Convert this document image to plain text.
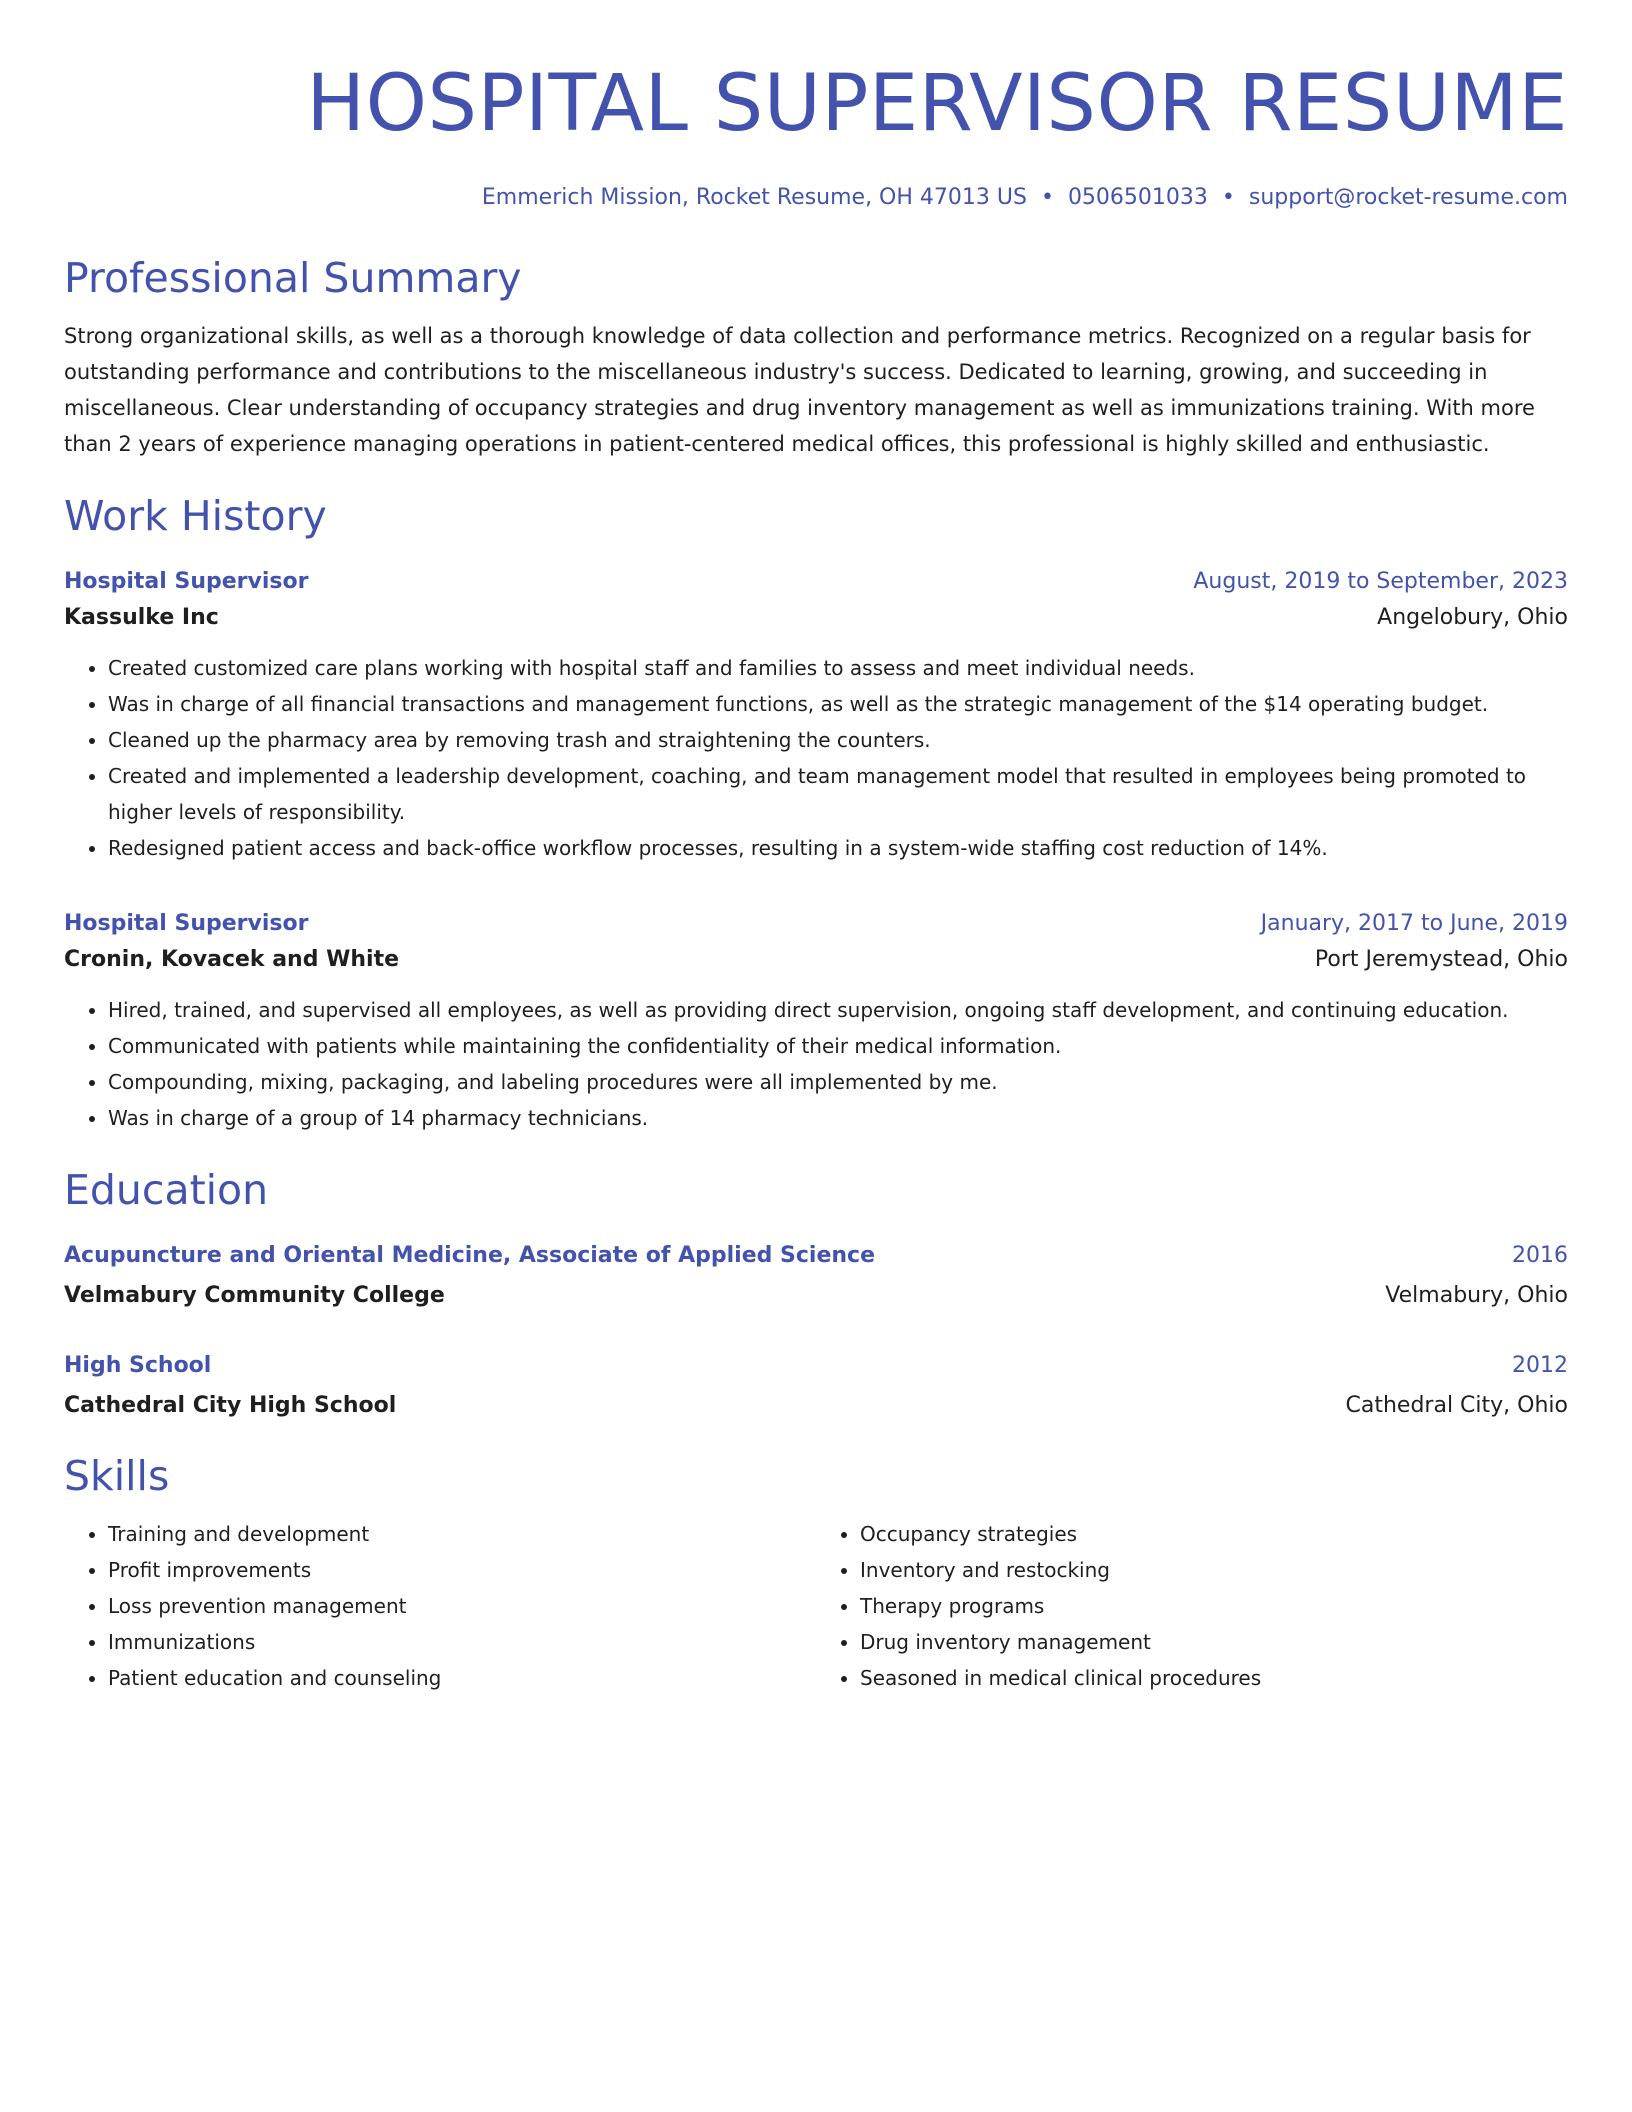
HOSPITAL SUPERVISOR RESUME
Emmerich Mission, Rocket Resume, OH 47013 US • 0506501033 • support@rocket-resume.com
Professional Summary
Strong organizational skills, as well as a thorough knowledge of data collection and performance metrics. Recognized on a regular basis for outstanding performance and contributions to the miscellaneous industry's success. Dedicated to learning, growing, and succeeding in miscellaneous. Clear understanding of occupancy strategies and drug inventory management as well as immunizations training. With more than 2 years of experience managing operations in patient-centered medical offices, this professional is highly skilled and enthusiastic.
Work History
Hospital Supervisor	August, 2019 to September, 2023
Kassulke Inc	Angelobury, Ohio
• Created customized care plans working with hospital staff and families to assess and meet individual needs.
• Was in charge of all financial transactions and management functions, as well as the strategic management of the $14 operating budget.
• Cleaned up the pharmacy area by removing trash and straightening the counters.
• Created and implemented a leadership development, coaching, and team management model that resulted in employees being promoted to higher levels of responsibility.
• Redesigned patient access and back-office workflow processes, resulting in a system-wide staffing cost reduction of 14%.
Hospital Supervisor	January, 2017 to June, 2019
Cronin, Kovacek and White	Port Jeremystead, Ohio
• Hired, trained, and supervised all employees, as well as providing direct supervision, ongoing staff development, and continuing education.
• Communicated with patients while maintaining the confidentiality of their medical information.
• Compounding, mixing, packaging, and labeling procedures were all implemented by me.
• Was in charge of a group of 14 pharmacy technicians.
Education
Acupuncture and Oriental Medicine, Associate of Applied Science	2016
Velmabury Community College	Velmabury, Ohio
High School	2012
Cathedral City High School	Cathedral City, Ohio
Skills
• Training and development
• Profit improvements
• Loss prevention management
• Immunizations
• Patient education and counseling
• Occupancy strategies
• Inventory and restocking
• Therapy programs
• Drug inventory management
• Seasoned in medical clinical procedures
